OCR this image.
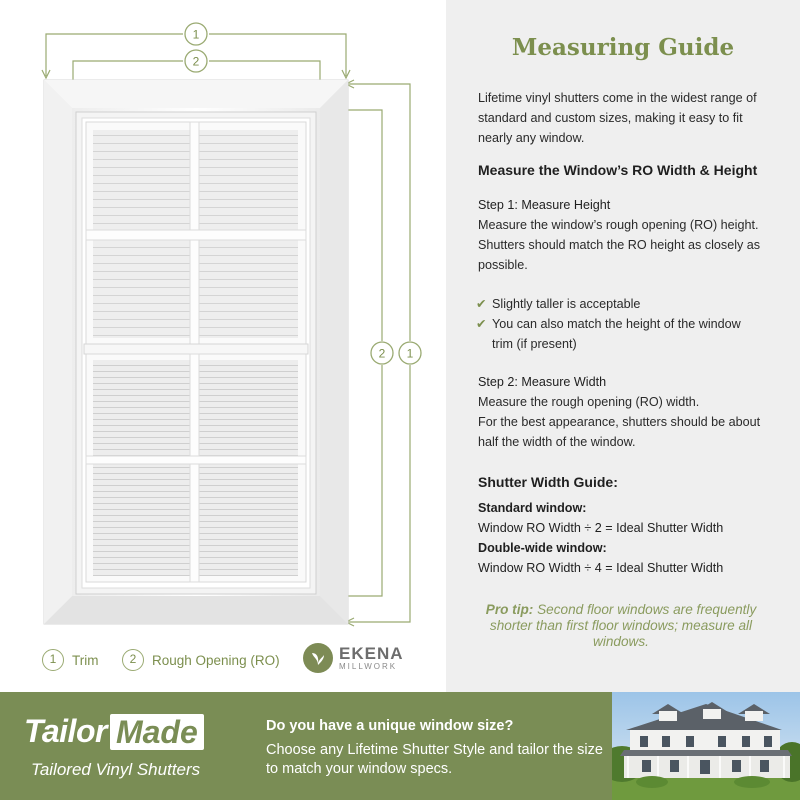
1
2
2 1
1	Trim	2	Rough Opening (RO)	EKENA
MILLWORK
Measuring Guide
Lifetime vinyl shutters come in the widest range of standard and custom sizes, making it easy to fit nearly any window.
Measure the Window’s RO Width & Height
Step 1: Measure Height
Measure the window’s rough opening (RO) height. Shutters should match the RO height as closely as possible.
✔ Slightly taller is acceptable
✔ You can also match the height of the window trim (if present)
Step 2: Measure Width
Measure the rough opening (RO) width.
For the best appearance, shutters should be about half the width of the window.
Shutter Width Guide:
Standard window:
Window RO Width ÷ 2 = Ideal Shutter Width
Double-wide window:
Window RO Width ÷ 4 = Ideal Shutter Width
Pro tip: Second floor windows are frequently shorter than first floor windows; measure all windows.
Tailor Made
Tailored Vinyl Shutters
Do you have a unique window size?
Choose any Lifetime Shutter Style and tailor the size to match your window specs.
